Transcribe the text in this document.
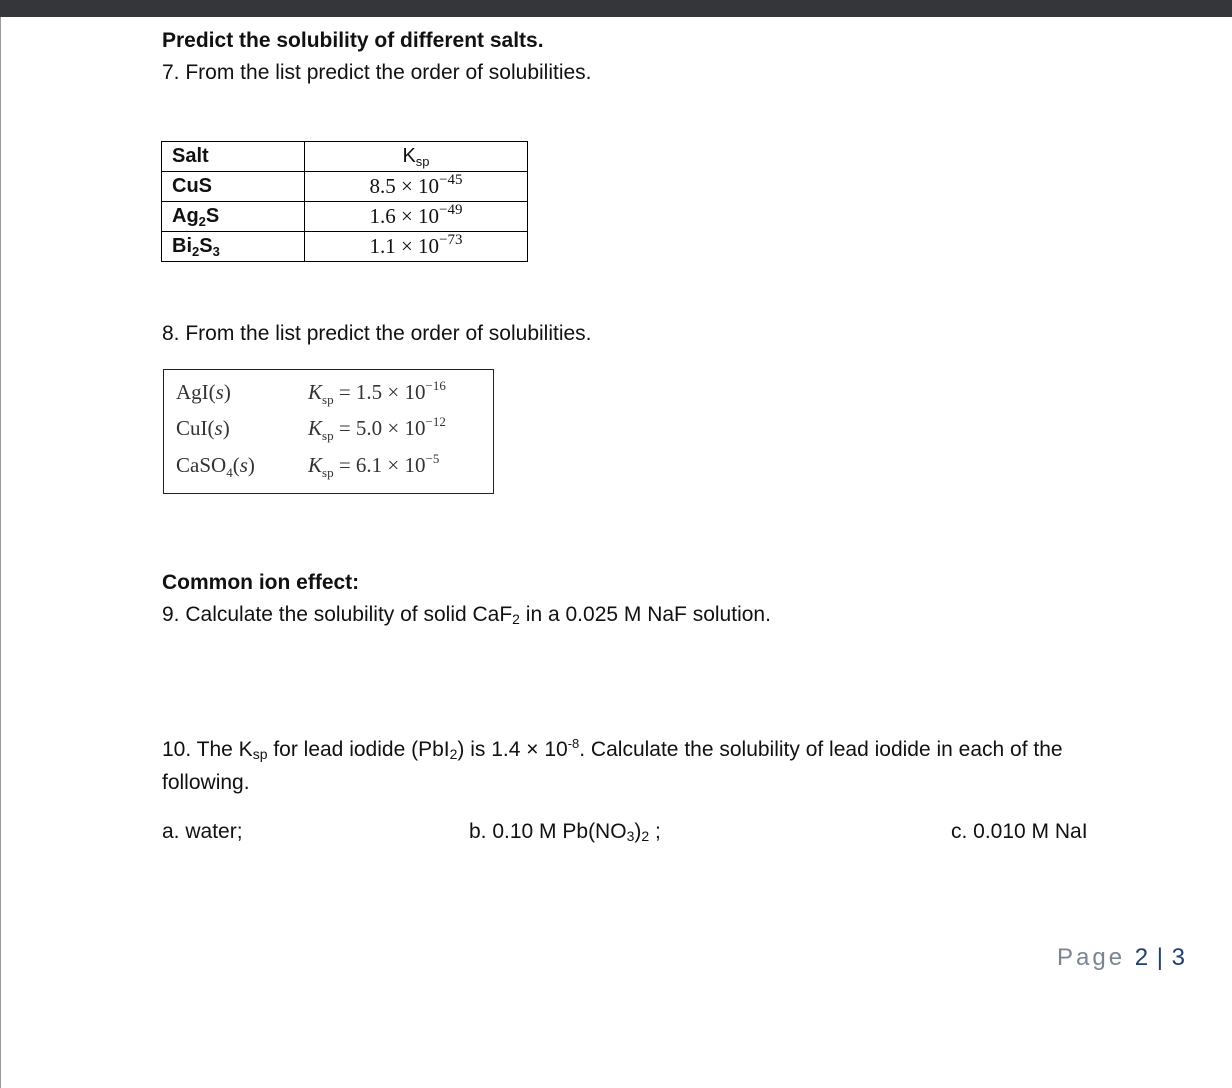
Predict the solubility of different salts.
7. From the list predict the order of solubilities.
Salt	$K_{sp}$
CuS	$8.5 \times 10^{-45}$
$Ag_2S$	$1.6 \times 10^{-49}$
$Bi_2S_3$	$1.1 \times 10^{-73}$
8. From the list predict the order of solubilities.
AgI(s)	$K_{sp} = 1.5 \times 10^{-16}$
CuI(s)	$K_{sp} = 5.0 \times 10^{-12}$
CaSO$_4$(s)	$K_{sp} = 6.1 \times 10^{-5}$
Common ion effect:
9. Calculate the solubility of solid CaF$_2$ in a 0.025 M NaF solution.
10. The $K_{sp}$ for lead iodide (PbI$_2$) is $1.4 \times 10^{-8}$. Calculate the solubility of lead iodide in each of the
following.
a. water;	b. 0.10 M $Pb(NO_3)_2$ ;	c. 0.010 M NaI
Page 2 | 3
